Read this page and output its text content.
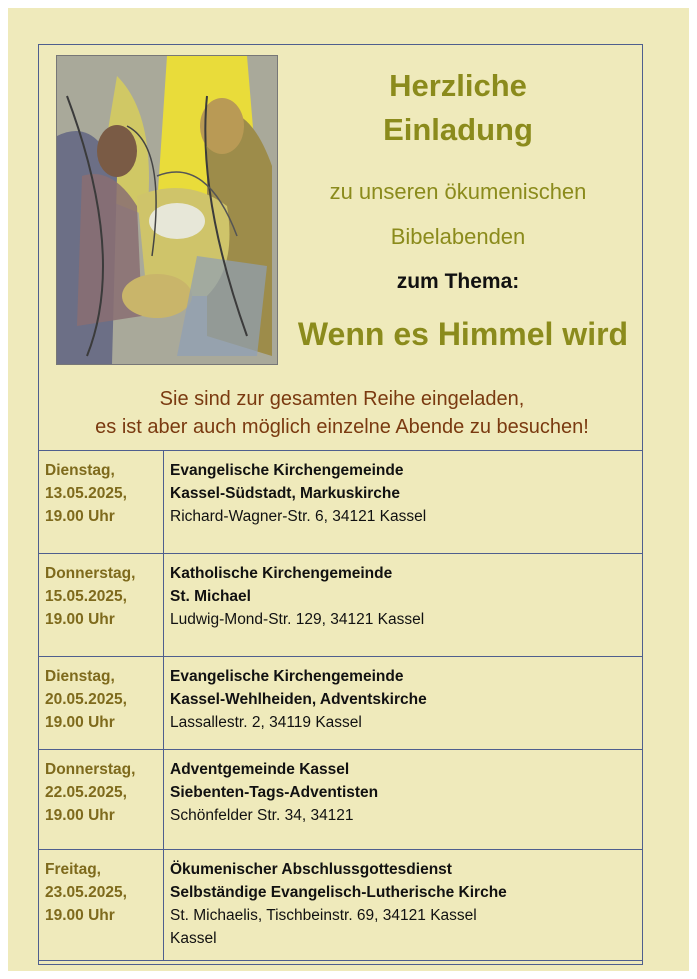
Herzliche
Einladung
zu unseren ökumenischen
Bibelabenden
zum Thema:
Wenn es Himmel wird
Sie sind zur gesamten Reihe eingeladen,
es ist aber auch möglich einzelne Abende zu besuchen!
Dienstag,
13.05.2025,
19.00 Uhr	Evangelische Kirchengemeinde
Kassel-Südstadt, Markuskirche
Richard-Wagner-Str. 6, 34121 Kassel

Donnerstag,
15.05.2025,
19.00 Uhr	Katholische Kirchengemeinde
St. Michael
Ludwig-Mond-Str. 129, 34121 Kassel

Dienstag,
20.05.2025,
19.00 Uhr	Evangelische Kirchengemeinde
Kassel-Wehlheiden, Adventskirche
Lassallestr. 2, 34119 Kassel

Donnerstag,
22.05.2025,
19.00 Uhr	Adventgemeinde Kassel
Siebenten-Tags-Adventisten
Schönfelder Str. 34, 34121

Freitag,
23.05.2025,
19.00 Uhr	Ökumenischer Abschlussgottesdienst
Selbständige Evangelisch-Lutherische Kirche
St. Michaelis, Tischbeinstr. 69, 34121 Kassel
Kassel
